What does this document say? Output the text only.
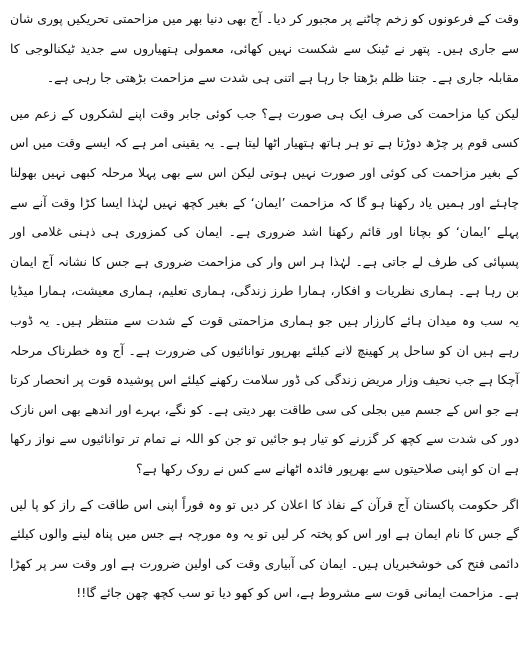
وقت کے فرعونوں کو زخم چاٹنے پر مجبور کر دیا۔ آج بھی دنیا بھر میں مزاحمتی تحریکیں پوری شان سے جاری ہیں۔ پتھر نے ٹینک سے شکست نہیں کھائی، معمولی ہتھیاروں سے جدید ٹیکنالوجی کا مقابلہ جاری ہے۔ جتنا ظلم بڑھتا جا رہا ہے اتنی ہی شدت سے مزاحمت بڑھتی جا رہی ہے۔

لیکن کیا مزاحمت کی صرف ایک ہی صورت ہے؟ جب کوئی جابر وقت اپنے لشکروں کے زعم میں کسی قوم پر چڑھ دوڑتا ہے تو ہر ہاتھ ہتھیار اٹھا لیتا ہے۔ یہ یقینی امر ہے کہ ایسے وقت میں اس کے بغیر مزاحمت کی کوئی اور صورت نہیں ہوتی لیکن اس سے بھی پہلا مرحلہ کبھی نہیں بھولنا چاہئے اور ہمیں یاد رکھنا ہو گا کہ مزاحمت ’ایمان‘ کے بغیر کچھ نہیں لہٰذا ایسا کڑا وقت آنے سے پہلے ’ایمان‘ کو بچانا اور قائم رکھنا اشد ضروری ہے۔ ایمان کی کمزوری ہی ذہنی غلامی اور پسپائی کی طرف لے جاتی ہے۔ لہٰذا ہر اس وار کی مزاحمت ضروری ہے جس کا نشانہ آج ایمان بن رہا ہے۔ ہماری نظریات و افکار، ہمارا طرز زندگی، ہماری تعلیم، ہماری معیشت، ہمارا میڈیا یہ سب وہ میدان ہائے کارزار ہیں جو ہماری مزاحمتی قوت کے شدت سے منتظر ہیں۔ یہ ڈوب رہے ہیں ان کو ساحل پر کھینچ لانے کیلئے بھرپور توانائیوں کی ضرورت ہے۔ آج وہ خطرناک مرحلہ آچکا ہے جب نحیف وزار مریض زندگی کی ڈور سلامت رکھنے کیلئے اس پوشیدہ قوت پر انحصار کرتا ہے جو اس کے جسم میں بجلی کی سی طاقت بھر دیتی ہے۔ کو نگے، بہرے اور اندھے بھی اس نازک دور کی شدت سے کچھ کر گزرنے کو تیار ہو جائیں تو جن کو اللہ نے تمام تر توانائیوں سے نواز رکھا ہے ان کو اپنی صلاحیتوں سے بھرپور فائدہ اٹھانے سے کس نے روک رکھا ہے؟

اگر حکومت پاکستان آج قرآن کے نفاذ کا اعلان کر دیں تو وہ فوراً اپنی اس طاقت کے راز کو پا لیں گے جس کا نام ایمان ہے اور اس کو پختہ کر لیں تو یہ وہ مورچہ ہے جس میں پناہ لینے والوں کیلئے دائمی فتح کی خوشخبریاں ہیں۔ ایمان کی آبیاری وقت کی اولین ضرورت ہے اور وقت سر پر کھڑا ہے۔ مزاحمت ایمانی قوت سے مشروط ہے، اس کو کھو دیا تو سب کچھ چھن جائے گا!!
